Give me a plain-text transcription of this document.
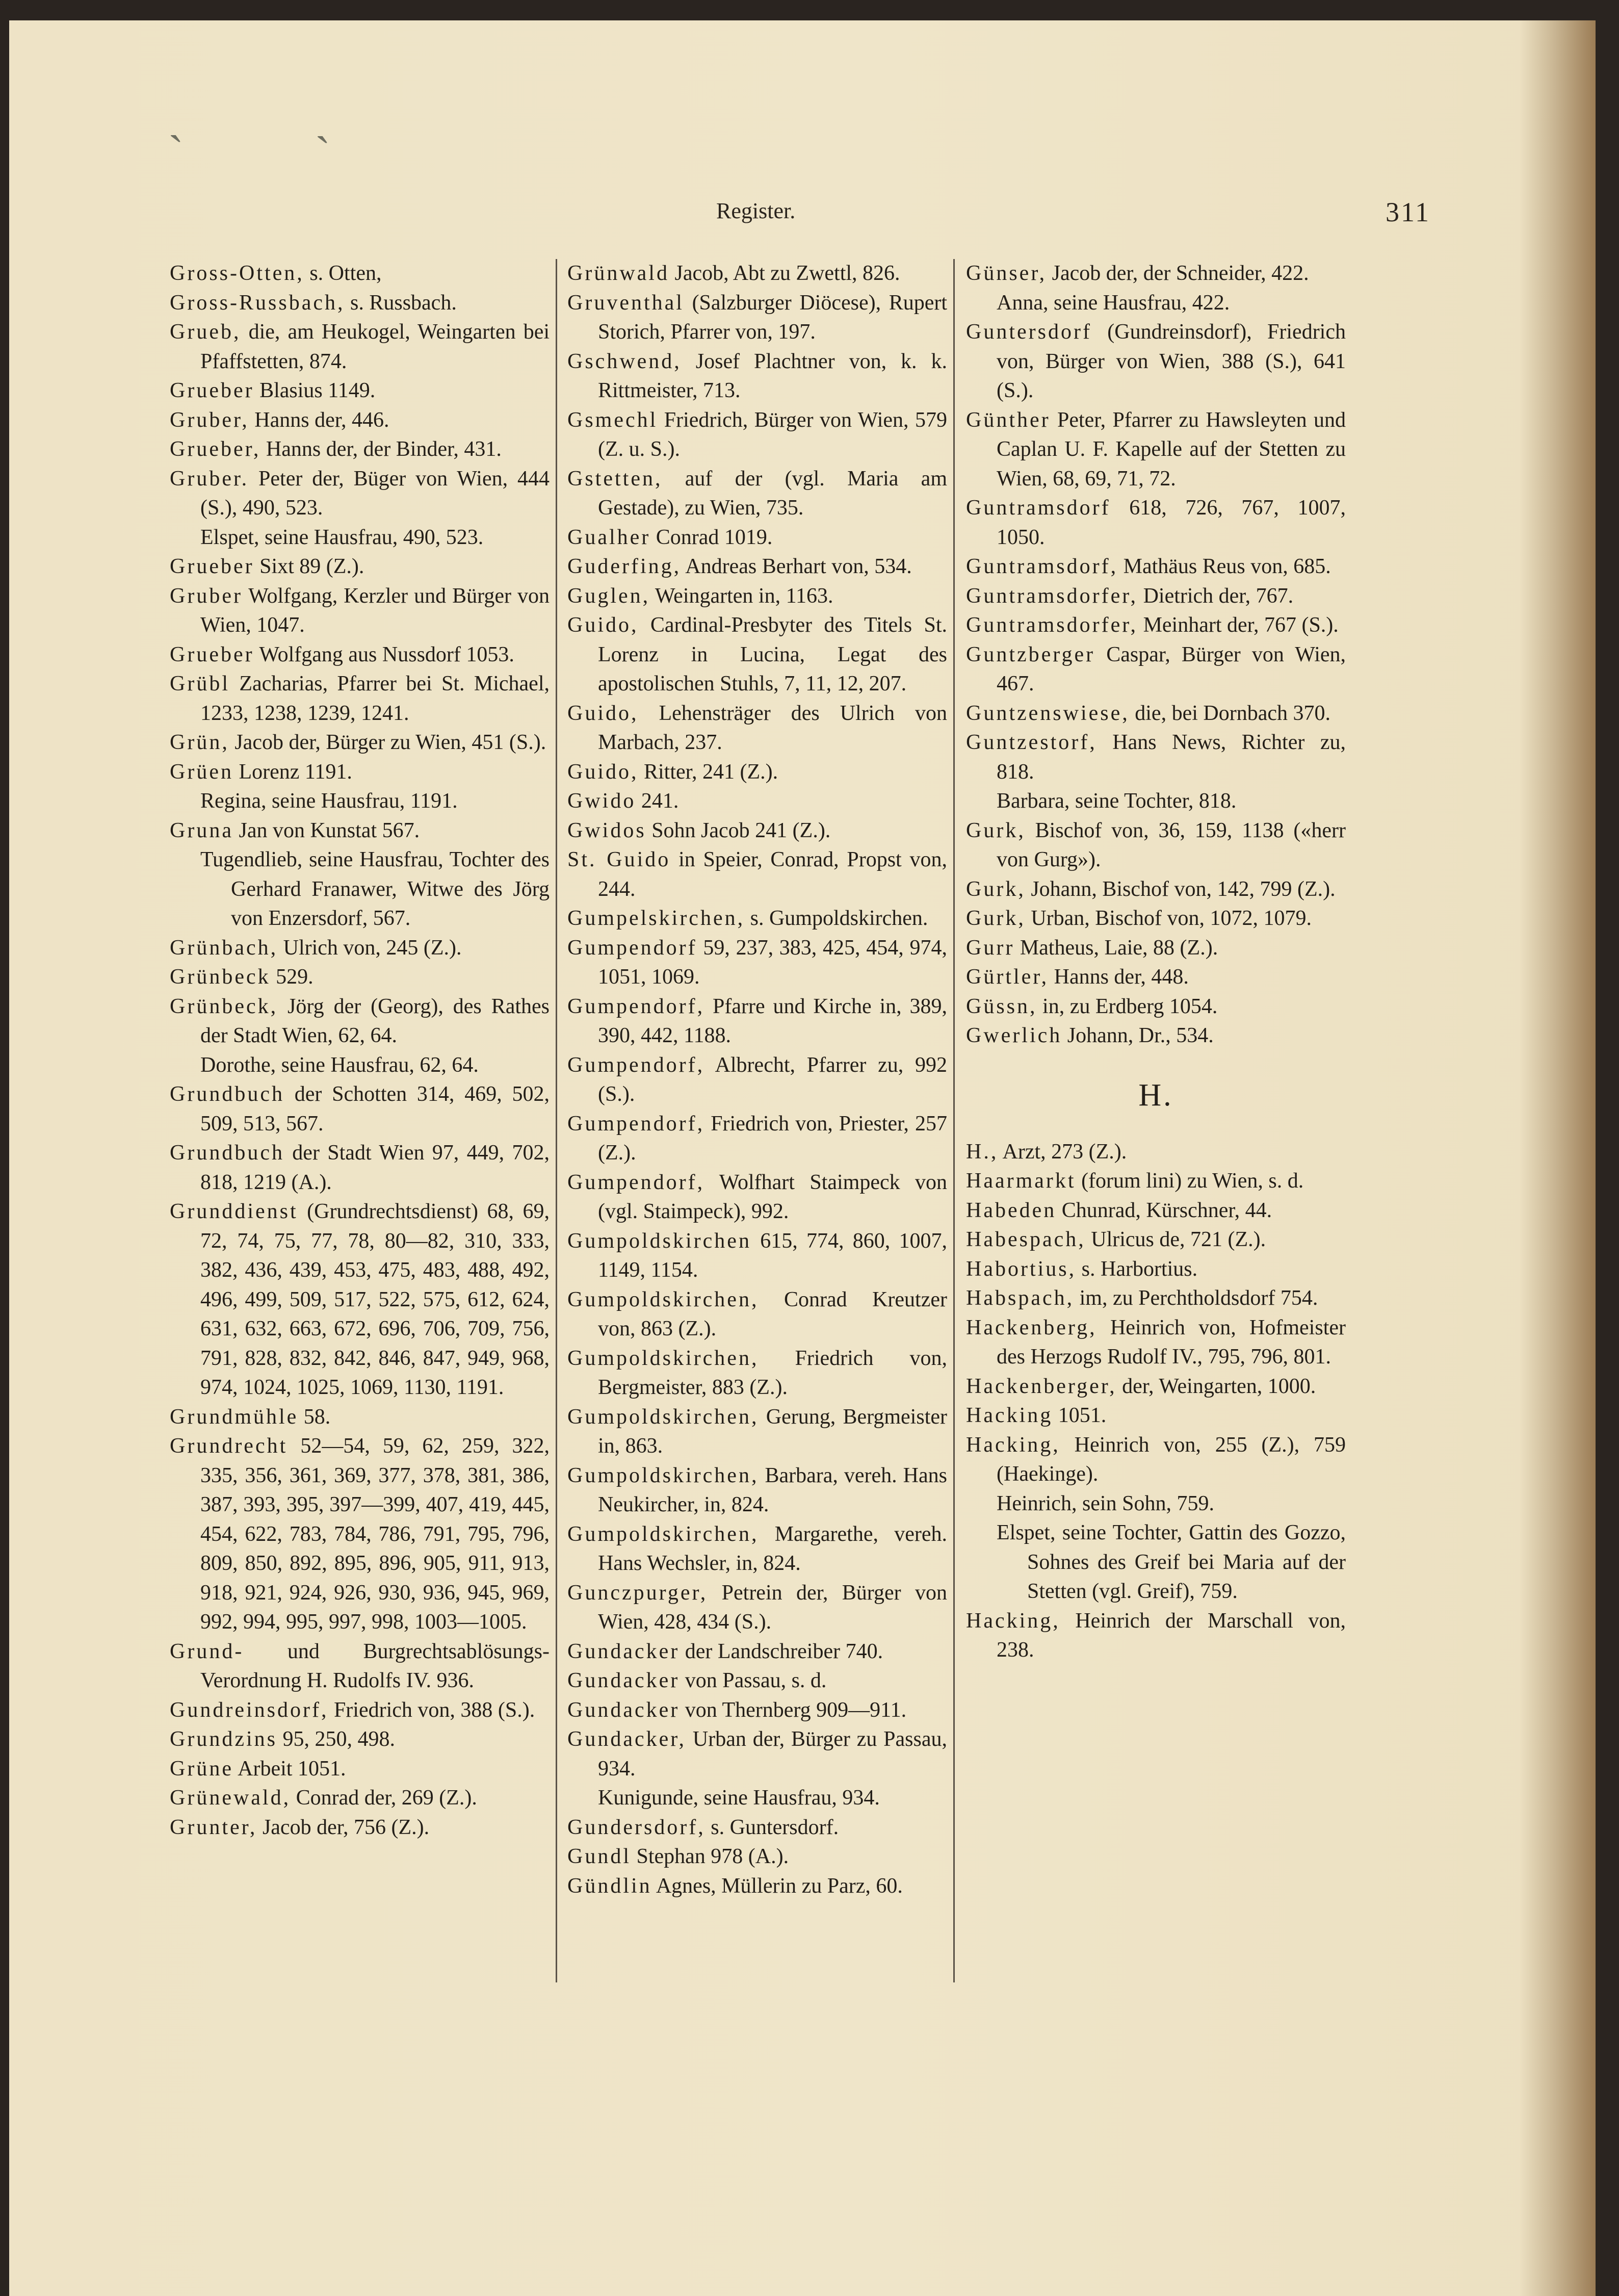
ˏ	ˏ
Register.	311
Gross-Otten, s. Otten,
Gross-Russbach, s. Russbach.
Grueb, die, am Heukogel, Weingarten bei Pfaffstetten, 874.
Grueber Blasius 1149.
Gruber, Hanns der, 446.
Grueber, Hanns der, der Binder, 431.
Gruber. Peter der, Büger von Wien, 444 (S.), 490, 523.
Elspet, seine Hausfrau, 490, 523.
Grueber Sixt 89 (Z.).
Gruber Wolfgang, Kerzler und Bürger von Wien, 1047.
Grueber Wolfgang aus Nussdorf 1053.
Grübl Zacharias, Pfarrer bei St. Michael, 1233, 1238, 1239, 1241.
Grün, Jacob der, Bürger zu Wien, 451 (S.).
Grüen Lorenz 1191.
Regina, seine Hausfrau, 1191.
Gruna Jan von Kunstat 567.
Tugendlieb, seine Hausfrau, Tochter des Gerhard Franawer, Witwe des Jörg von Enzersdorf, 567.
Grünbach, Ulrich von, 245 (Z.).
Grünbeck 529.
Grünbeck, Jörg der (Georg), des Rathes der Stadt Wien, 62, 64.
Dorothe, seine Hausfrau, 62, 64.
Grundbuch der Schotten 314, 469, 502, 509, 513, 567.
Grundbuch der Stadt Wien 97, 449, 702, 818, 1219 (A.).
Grunddienst (Grundrechtsdienst) 68, 69, 72, 74, 75, 77, 78, 80—82, 310, 333, 382, 436, 439, 453, 475, 483, 488, 492, 496, 499, 509, 517, 522, 575, 612, 624, 631, 632, 663, 672, 696, 706, 709, 756, 791, 828, 832, 842, 846, 847, 949, 968, 974, 1024, 1025, 1069, 1130, 1191.
Grundmühle 58.
Grundrecht 52—54, 59, 62, 259, 322, 335, 356, 361, 369, 377, 378, 381, 386, 387, 393, 395, 397—399, 407, 419, 445, 454, 622, 783, 784, 786, 791, 795, 796, 809, 850, 892, 895, 896, 905, 911, 913, 918, 921, 924, 926, 930, 936, 945, 969, 992, 994, 995, 997, 998, 1003—1005.
Grund- und Burgrechtsablösungs-Verordnung H. Rudolfs IV. 936.
Gundreinsdorf, Friedrich von, 388 (S.).
Grundzins 95, 250, 498.
Grüne Arbeit 1051.
Grünewald, Conrad der, 269 (Z.).
Grunter, Jacob der, 756 (Z.).
Grünwald Jacob, Abt zu Zwettl, 826.
Gruventhal (Salzburger Diöcese), Rupert Storich, Pfarrer von, 197.
Gschwend, Josef Plachtner von, k. k. Rittmeister, 713.
Gsmechl Friedrich, Bürger von Wien, 579 (Z. u. S.).
Gstetten, auf der (vgl. Maria am Gestade), zu Wien, 735.
Gualher Conrad 1019.
Guderfing, Andreas Berhart von, 534.
Guglen, Weingarten in, 1163.
Guido, Cardinal-Presbyter des Titels St. Lorenz in Lucina, Legat des apostolischen Stuhls, 7, 11, 12, 207.
Guido, Lehensträger des Ulrich von Marbach, 237.
Guido, Ritter, 241 (Z.).
Gwido 241.
Gwidos Sohn Jacob 241 (Z.).
St. Guido in Speier, Conrad, Propst von, 244.
Gumpelskirchen, s. Gumpoldskirchen.
Gumpendorf 59, 237, 383, 425, 454, 974, 1051, 1069.
Gumpendorf, Pfarre und Kirche in, 389, 390, 442, 1188.
Gumpendorf, Albrecht, Pfarrer zu, 992 (S.).
Gumpendorf, Friedrich von, Priester, 257 (Z.).
Gumpendorf, Wolfhart Staimpeck von (vgl. Staimpeck), 992.
Gumpoldskirchen 615, 774, 860, 1007, 1149, 1154.
Gumpoldskirchen, Conrad Kreutzer von, 863 (Z.).
Gumpoldskirchen, Friedrich von, Bergmeister, 883 (Z.).
Gumpoldskirchen, Gerung, Bergmeister in, 863.
Gumpoldskirchen, Barbara, vereh. Hans Neukircher, in, 824.
Gumpoldskirchen, Margarethe, vereh. Hans Wechsler, in, 824.
Gunczpurger, Petrein der, Bürger von Wien, 428, 434 (S.).
Gundacker der Landschreiber 740.
Gundacker von Passau, s. d.
Gundacker von Thernberg 909—911.
Gundacker, Urban der, Bürger zu Passau, 934.
Kunigunde, seine Hausfrau, 934.
Gundersdorf, s. Guntersdorf.
Gundl Stephan 978 (A.).
Gündlin Agnes, Müllerin zu Parz, 60.
Günser, Jacob der, der Schneider, 422.
Anna, seine Hausfrau, 422.
Guntersdorf (Gundreinsdorf), Friedrich von, Bürger von Wien, 388 (S.), 641 (S.).
Günther Peter, Pfarrer zu Hawsleyten und Caplan U. F. Kapelle auf der Stetten zu Wien, 68, 69, 71, 72.
Guntramsdorf 618, 726, 767, 1007, 1050.
Guntramsdorf, Mathäus Reus von, 685.
Guntramsdorfer, Dietrich der, 767.
Guntramsdorfer, Meinhart der, 767 (S.).
Guntzberger Caspar, Bürger von Wien, 467.
Guntzenswiese, die, bei Dornbach 370.
Guntzestorf, Hans News, Richter zu, 818.
Barbara, seine Tochter, 818.
Gurk, Bischof von, 36, 159, 1138 («herr von Gurg»).
Gurk, Johann, Bischof von, 142, 799 (Z.).
Gurk, Urban, Bischof von, 1072, 1079.
Gurr Matheus, Laie, 88 (Z.).
Gürtler, Hanns der, 448.
Güssn, in, zu Erdberg 1054.
Gwerlich Johann, Dr., 534.
H.
H., Arzt, 273 (Z.).
Haarmarkt (forum lini) zu Wien, s. d.
Habeden Chunrad, Kürschner, 44.
Habespach, Ulricus de, 721 (Z.).
Habortius, s. Harbortius.
Habspach, im, zu Perchtholdsdorf 754.
Hackenberg, Heinrich von, Hofmeister des Herzogs Rudolf IV., 795, 796, 801.
Hackenberger, der, Weingarten, 1000.
Hacking 1051.
Hacking, Heinrich von, 255 (Z.), 759 (Haekinge).
Heinrich, sein Sohn, 759.
Elspet, seine Tochter, Gattin des Gozzo, Sohnes des Greif bei Maria auf der Stetten (vgl. Greif), 759.
Hacking, Heinrich der Marschall von, 238.
